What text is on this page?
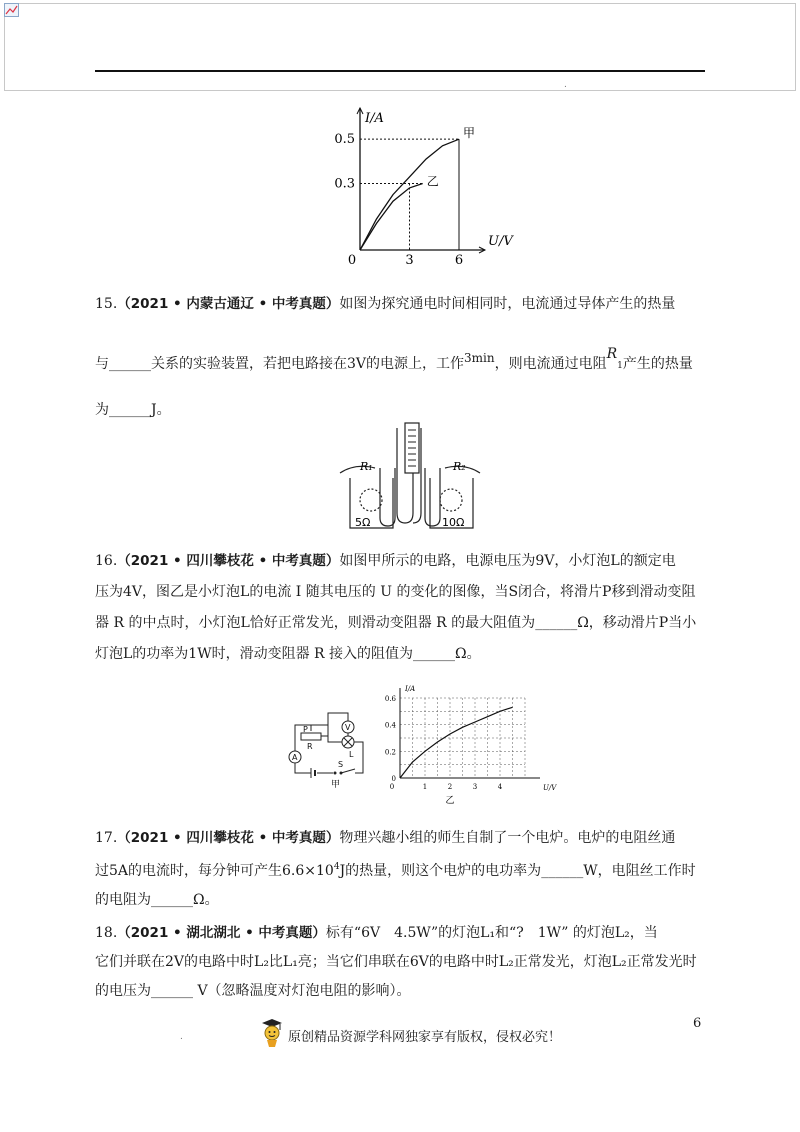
.
甲
乙
I/A
U/V
0.5
0.3
0	3	6
15.（2021 • 内蒙古通辽 • 中考真题）如图为探究通电时间相同时，电流通过导体产生的热量
与______关系的实验装置，若把电路接在3V的电源上，工作3min，则电流通过电阻R1产生的热量
为______J。
R₁	R₂
5Ω	10Ω
16.（2021 • 四川攀枝花 • 中考真题）如图甲所示的电路，电源电压为9V，小灯泡L的额定电
压为4V，图乙是小灯泡L的电流 I 随其电压的 U 的变化的图像，当S闭合，将滑片P移到滑动变阻
器 R 的中点时，小灯泡L恰好正常发光，则滑动变阻器 R 的最大阻值为______Ω，移动滑片P当小
灯泡L的功率为1W时，滑动变阻器 R 接入的阻值为______Ω。
V
A
P
R
L
S
甲
I/A
U/V
0
0.2
0.4
0.6
1	2	3	4
0
乙
17.（2021 • 四川攀枝花 • 中考真题）物理兴趣小组的师生自制了一个电炉。电炉的电阻丝通
过5A的电流时，每分钟可产生$6.6\times 10^4J$的热量，则这个电炉的电功率为______W，电阻丝工作时
的电阻为______Ω。
18.（2021 • 湖北湖北 • 中考真题）标有“6V　4.5W”的灯泡L₁和“?　1W” 的灯泡L₂，当
它们并联在2V的电路中时L₂比L₁亮；当它们串联在6V的电路中时L₂正常发光，灯泡L₂正常发光时
的电压为______ V（忽略温度对灯泡电阻的影响）。
6
.	原创精品资源学科网独家享有版权，侵权必究！
